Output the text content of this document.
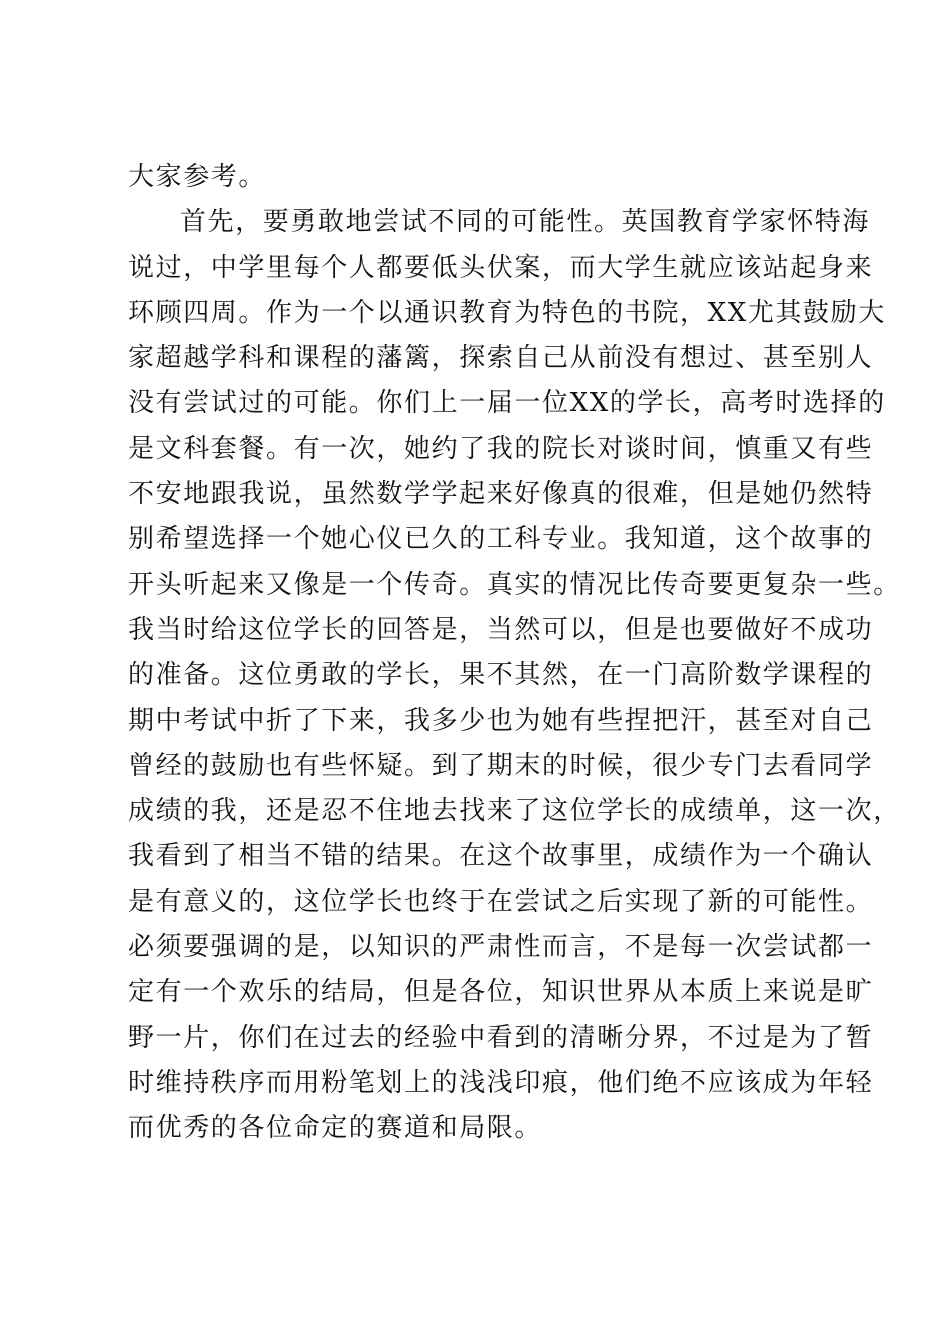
大家参考。
首先，要勇敢地尝试不同的可能性。英国教育学家怀特海
说过，中学里每个人都要低头伏案，而大学生就应该站起身来
环顾四周。作为一个以通识教育为特色的书院，XX尤其鼓励大
家超越学科和课程的藩篱，探索自己从前没有想过、甚至别人
没有尝试过的可能。你们上一届一位XX的学长，高考时选择的
是文科套餐。有一次，她约了我的院长对谈时间，慎重又有些
不安地跟我说，虽然数学学起来好像真的很难，但是她仍然特
别希望选择一个她心仪已久的工科专业。我知道，这个故事的
开头听起来又像是一个传奇。真实的情况比传奇要更复杂一些。
我当时给这位学长的回答是，当然可以，但是也要做好不成功
的准备。这位勇敢的学长，果不其然，在一门高阶数学课程的
期中考试中折了下来，我多少也为她有些捏把汗，甚至对自己
曾经的鼓励也有些怀疑。到了期末的时候，很少专门去看同学
成绩的我，还是忍不住地去找来了这位学长的成绩单，这一次，
我看到了相当不错的结果。在这个故事里，成绩作为一个确认
是有意义的，这位学长也终于在尝试之后实现了新的可能性。
必须要强调的是，以知识的严肃性而言，不是每一次尝试都一
定有一个欢乐的结局，但是各位，知识世界从本质上来说是旷
野一片，你们在过去的经验中看到的清晰分界，不过是为了暂
时维持秩序而用粉笔划上的浅浅印痕，他们绝不应该成为年轻
而优秀的各位命定的赛道和局限。
